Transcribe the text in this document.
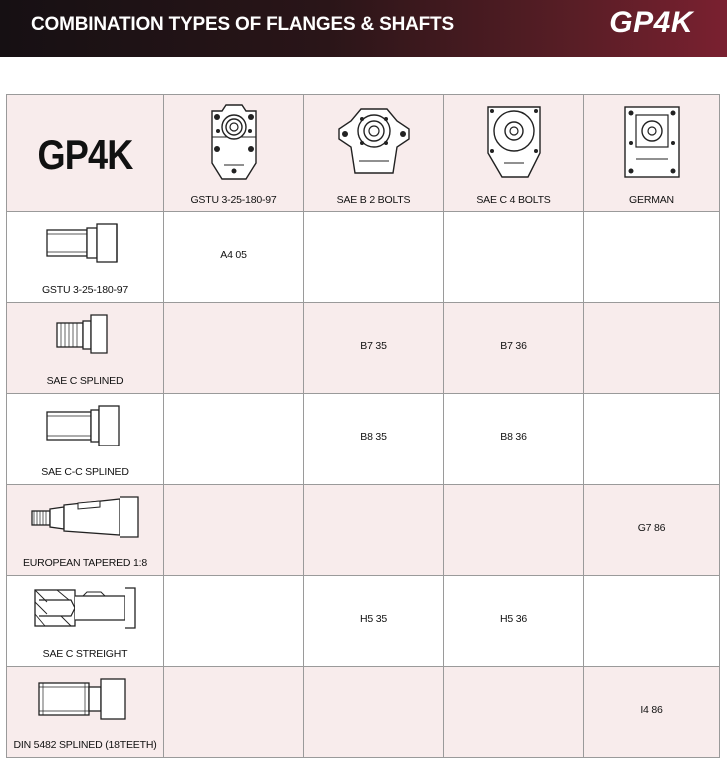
COMBINATION TYPES OF FLANGES & SHAFTS	GP4K
GP4K	GSTU 3-25-180-97	SAE B 2 BOLTS	SAE C 4 BOLTS	GERMAN

GSTU 3-25-180-97	A4 05			

SAE C SPLINED		B7 35	B7 36	

SAE C-C SPLINED		B8 35	B8 36	

EUROPEAN TAPERED 1:8				G7 86

SAE C STREIGHT		H5 35	H5 36	

DIN 5482 SPLINED (18TEETH)				I4 86
